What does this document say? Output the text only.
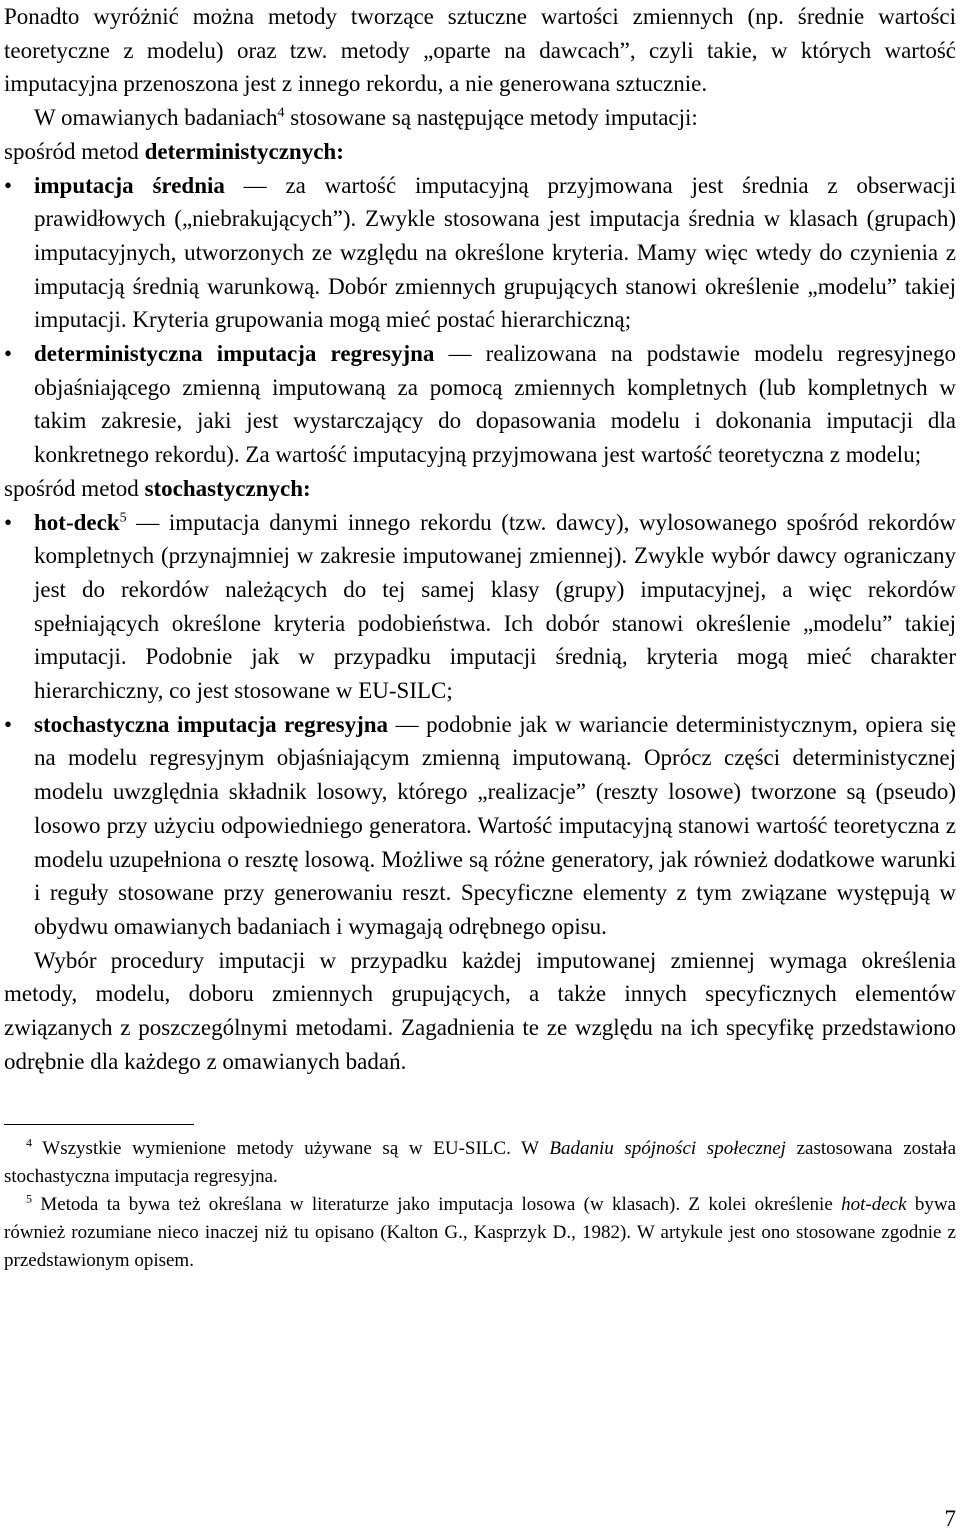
Ponadto wyróżnić można metody tworzące sztuczne wartości zmiennych (np. średnie wartości teoretyczne z modelu) oraz tzw. metody „oparte na dawcach”, czyli takie, w których wartość imputacyjna przenoszona jest z innego rekordu, a nie generowana sztucznie.

W omawianych badaniach$^4$ stosowane są następujące metody imputacji:

spośród metod deterministycznych:

• imputacja średnia — za wartość imputacyjną przyjmowana jest średnia z obserwacji prawidłowych („niebrakujących”). Zwykle stosowana jest imputacja średnia w klasach (grupach) imputacyjnych, utworzonych ze względu na określone kryteria. Mamy więc wtedy do czynienia z imputacją średnią warunkową. Dobór zmiennych grupujących stanowi określenie „modelu” takiej imputacji. Kryteria grupowania mogą mieć postać hierarchiczną;
• deterministyczna imputacja regresyjna — realizowana na podstawie modelu regresyjnego objaśniającego zmienną imputowaną za pomocą zmiennych kompletnych (lub kompletnych w takim zakresie, jaki jest wystarczający do dopasowania modelu i dokonania imputacji dla konkretnego rekordu). Za wartość imputacyjną przyjmowana jest wartość teoretyczna z modelu;

spośród metod stochastycznych:

• hot-deck$^5$ — imputacja danymi innego rekordu (tzw. dawcy), wylosowanego spośród rekordów kompletnych (przynajmniej w zakresie imputowanej zmiennej). Zwykle wybór dawcy ograniczany jest do rekordów należących do tej samej klasy (grupy) imputacyjnej, a więc rekordów spełniających określone kryteria podobieństwa. Ich dobór stanowi określenie „modelu” takiej imputacji. Podobnie jak w przypadku imputacji średnią, kryteria mogą mieć charakter hierarchiczny, co jest stosowane w EU-SILC;
• stochastyczna imputacja regresyjna — podobnie jak w wariancie deterministycznym, opiera się na modelu regresyjnym objaśniającym zmienną imputowaną. Oprócz części deterministycznej modelu uwzględnia składnik losowy, którego „realizacje” (reszty losowe) tworzone są (pseudo) losowo przy użyciu odpowiedniego generatora. Wartość imputacyjną stanowi wartość teoretyczna z modelu uzupełniona o resztę losową. Możliwe są różne generatory, jak również dodatkowe warunki i reguły stosowane przy generowaniu reszt. Specyficzne elementy z tym związane występują w obydwu omawianych badaniach i wymagają odrębnego opisu.

Wybór procedury imputacji w przypadku każdej imputowanej zmiennej wymaga określenia metody, modelu, doboru zmiennych grupujących, a także innych specyficznych elementów związanych z poszczególnymi metodami. Zagadnienia te ze względu na ich specyfikę przedstawiono odrębnie dla każdego z omawianych badań.

$^4$ Wszystkie wymienione metody używane są w EU-SILC. W Badaniu spójności społecznej zastosowana została stochastyczna imputacja regresyjna.

$^5$ Metoda ta bywa też określana w literaturze jako imputacja losowa (w klasach). Z kolei określenie hot-deck bywa również rozumiane nieco inaczej niż tu opisano (Kalton G., Kasprzyk D., 1982). W artykule jest ono stosowane zgodnie z przedstawionym opisem.

7
